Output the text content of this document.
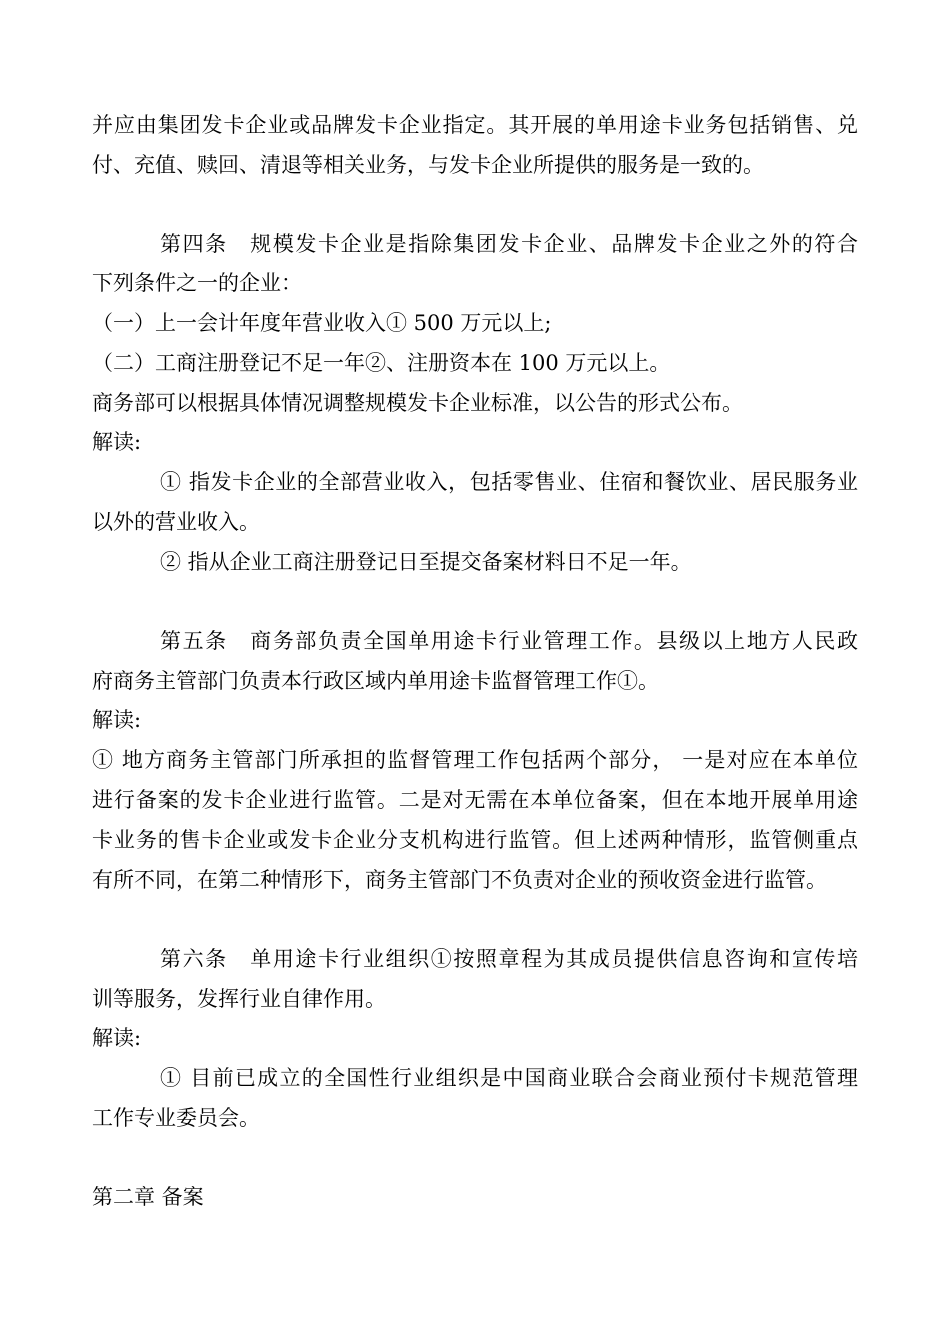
并应由集团发卡企业或品牌发卡企业指定。其开展的单用途卡业务包括销售、兑

付、充值、赎回、清退等相关业务，与发卡企业所提供的服务是一致的。

第四条　规模发卡企业是指除集团发卡企业、品牌发卡企业之外的符合

下列条件之一的企业：

（一）上一会计年度年营业收入① 500 万元以上;

（二）工商注册登记不足一年②、注册资本在 100 万元以上。

商务部可以根据具体情况调整规模发卡企业标准，以公告的形式公布。

解读:

① 指发卡企业的全部营业收入，包括零售业、住宿和餐饮业、居民服务业

以外的营业收入。

② 指从企业工商注册登记日至提交备案材料日不足一年。

第五条　商务部负责全国单用途卡行业管理工作。县级以上地方人民政

府商务主管部门负责本行政区域内单用途卡监督管理工作①。

解读:

① 地方商务主管部门所承担的监督管理工作包括两个部分， 一是对应在本单位

进行备案的发卡企业进行监管。二是对无需在本单位备案，但在本地开展单用途

卡业务的售卡企业或发卡企业分支机构进行监管。但上述两种情形，监管侧重点

有所不同，在第二种情形下，商务主管部门不负责对企业的预收资金进行监管。

第六条　单用途卡行业组织①按照章程为其成员提供信息咨询和宣传培

训等服务，发挥行业自律作用。

解读:

① 目前已成立的全国性行业组织是中国商业联合会商业预付卡规范管理

工作专业委员会。

第二章 备案
